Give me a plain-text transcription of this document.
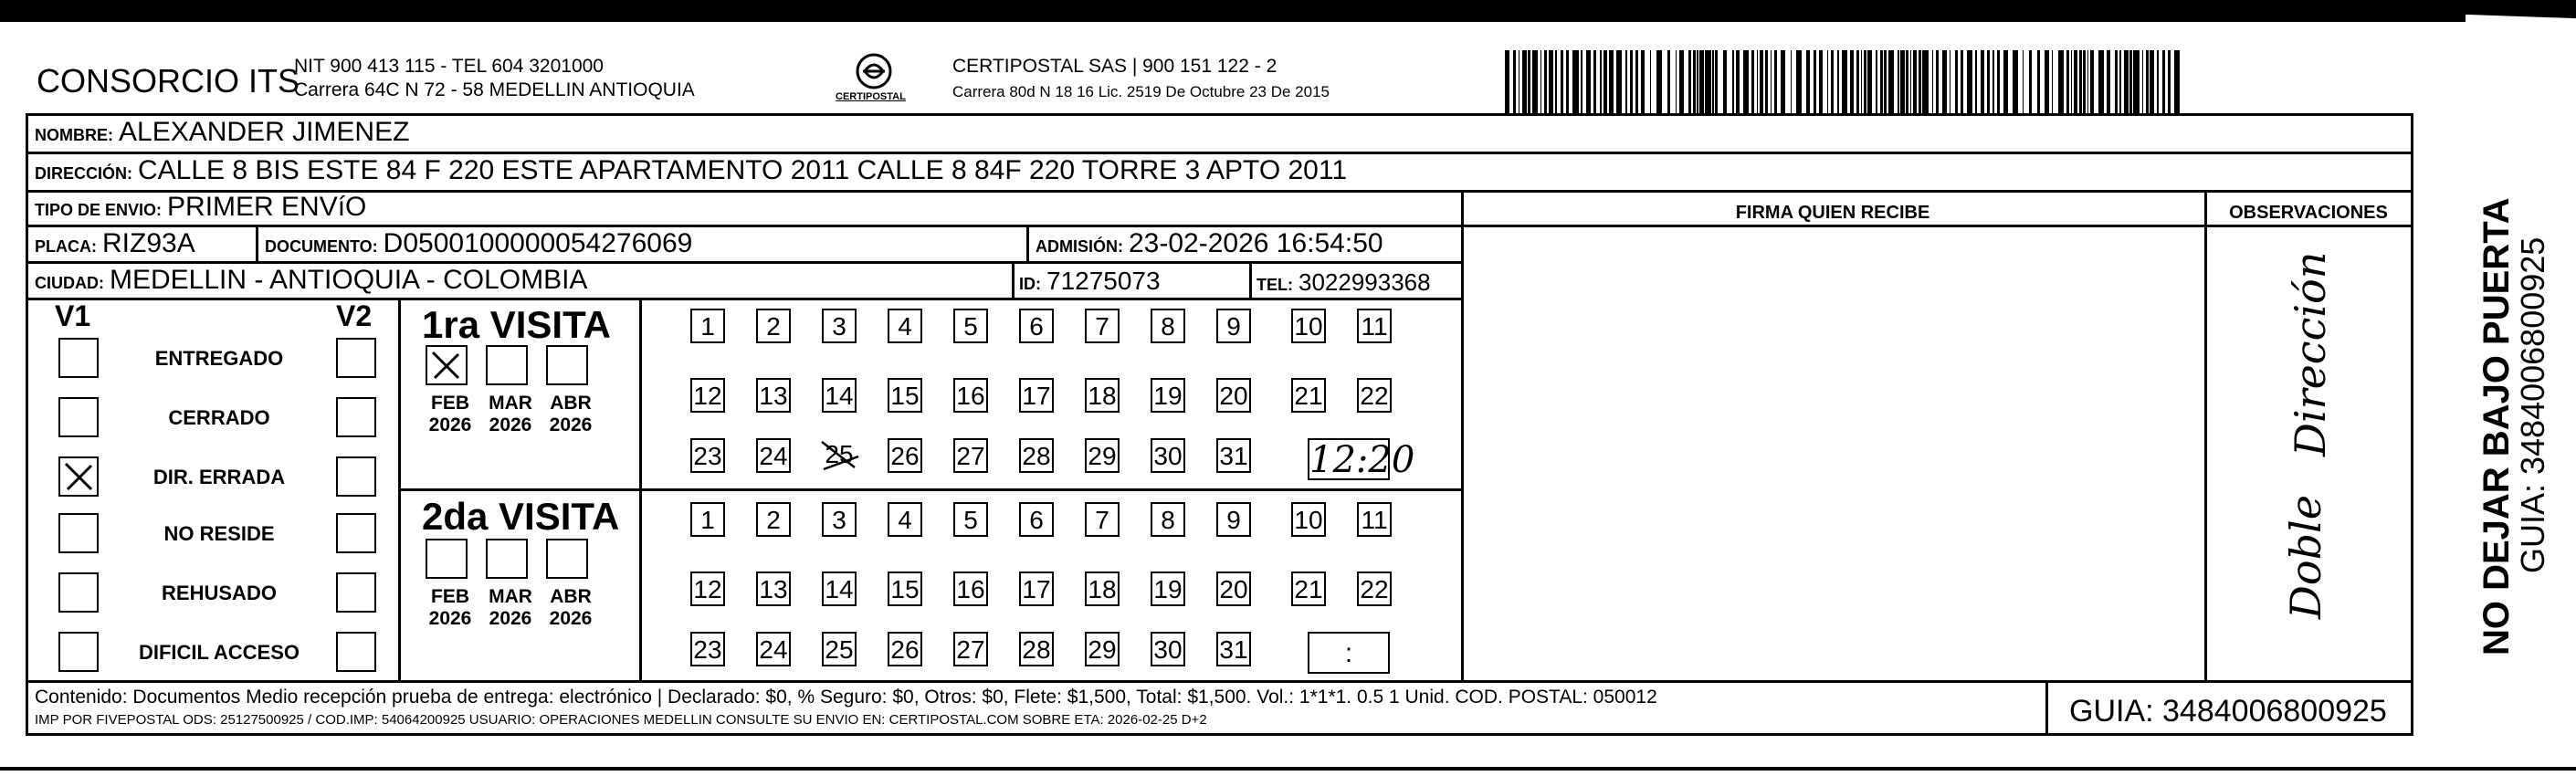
CONSORCIO ITS
NIT 900 413 115 - TEL 604 3201000
Carrera 64C N 72 - 58 MEDELLIN ANTIOQUIA	CERTIPOSTAL
CERTIPOSTAL SAS | 900 151 122 - 2
Carrera 80d N 18 16 Lic. 2519 De Octubre 23 De 2015
NOMBRE: ALEXANDER JIMENEZ
DIRECCIÓN: CALLE 8 BIS ESTE 84 F 220 ESTE APARTAMENTO 2011 CALLE 8 84F 220 TORRE 3 APTO 2011
TIPO DE ENVIO: PRIMER ENVíO	FIRMA QUIEN RECIBE	OBSERVACIONES
PLACA: RIZ93A	DOCUMENTO: D0500100000054276069	ADMISIÓN: 23-02-2026 16:54:50
CIUDAD: MEDELLIN - ANTIOQUIA - COLOMBIA	ID: 71275073	TEL: 3022993368
V1	V2
ENTREGADO
CERRADO
DIR. ERRADA
NO RESIDE
REHUSADO
DIFICIL ACCESO
1ra VISITA
2da VISITA
1	2	3	4	5	6	7	8	9	10 11
12 13 14 15 16 17 18 19 20 21 22
23 24 25 26 27 28 29 30 31 12:20
FEB
2026
MAR
2026
ABR
2026
1	2	3	4	5	6	7	8	9	10 11
12 13 14 15 16 17 18 19 20 21 22
23 24 25 26 27 28 29 30 31	:
FEB
2026
MAR
2026
ABR
2026
Dirección
Doble
Contenido: Documentos Medio recepción prueba de entrega: electrónico | Declarado: $0, % Seguro: $0, Otros: $0, Flete: $1,500, Total: $1,500. Vol.: 1*1*1. 0.5 1 Unid. COD. POSTAL: 050012
IMP POR FIVEPOSTAL ODS: 25127500925 / COD.IMP: 54064200925 USUARIO: OPERACIONES MEDELLIN CONSULTE SU ENVIO EN: CERTIPOSTAL.COM SOBRE ETA: 2026-02-25 D+2	GUIA: 3484006800925
NO DEJAR BAJO PUERTA
GUIA: 3484006800925
